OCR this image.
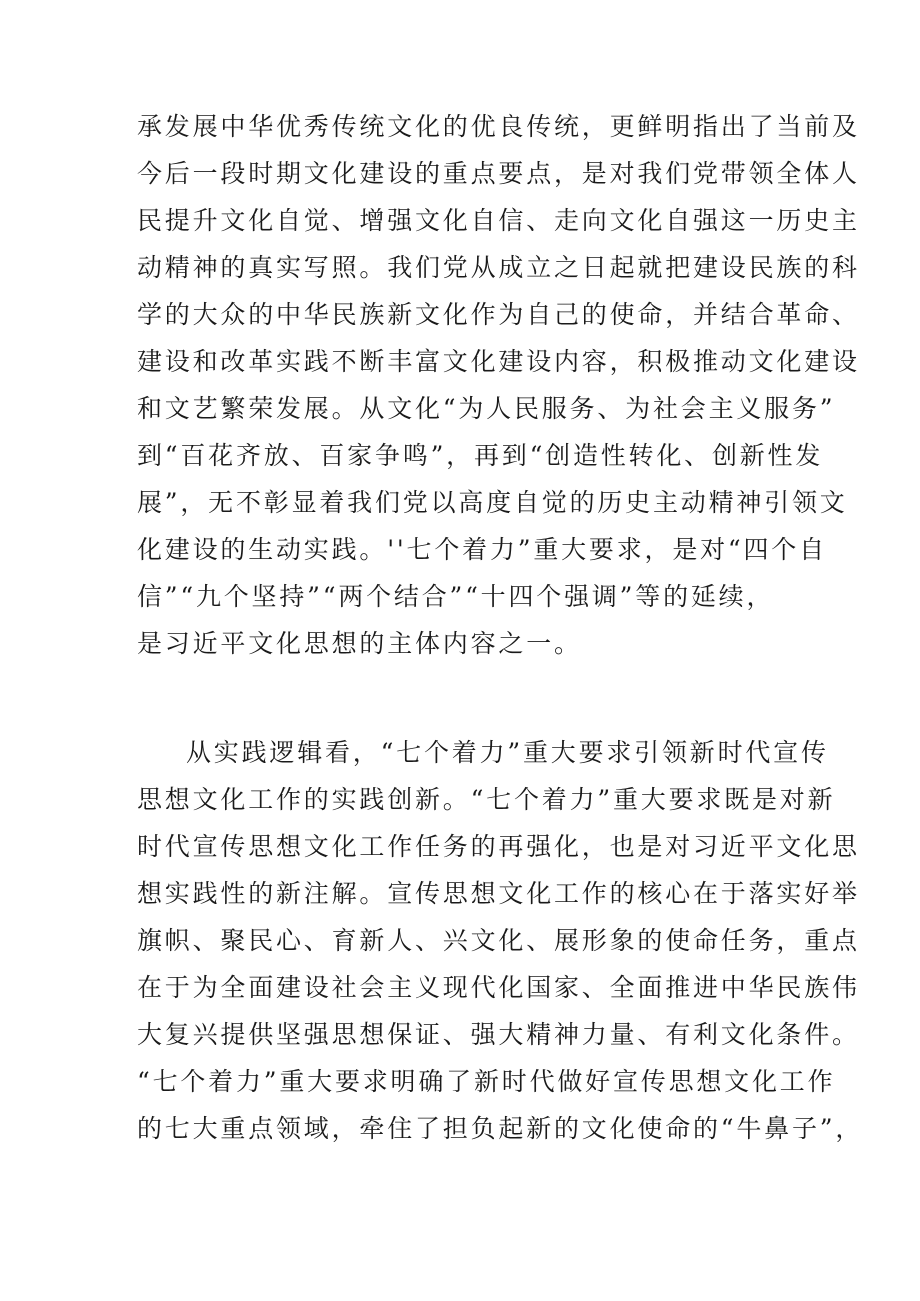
承发展中华优秀传统文化的优良传统，更鲜明指出了当前及
今后一段时期文化建设的重点要点，是对我们党带领全体人
民提升文化自觉、增强文化自信、走向文化自强这一历史主
动精神的真实写照。我们党从成立之日起就把建设民族的科
学的大众的中华民族新文化作为自己的使命，并结合革命、
建设和改革实践不断丰富文化建设内容，积极推动文化建设
和文艺繁荣发展。从文化“为人民服务、为社会主义服务”
到“百花齐放、百家争鸣”，再到“创造性转化、创新性发
展”，无不彰显着我们党以高度自觉的历史主动精神引领文
化建设的生动实践。''七个着力”重大要求，是对“四个自
信”“九个坚持”“两个结合”“十四个强调”等的延续，
是习近平文化思想的主体内容之一。
从实践逻辑看，“七个着力”重大要求引领新时代宣传
思想文化工作的实践创新。“七个着力”重大要求既是对新
时代宣传思想文化工作任务的再强化，也是对习近平文化思
想实践性的新注解。宣传思想文化工作的核心在于落实好举
旗帜、聚民心、育新人、兴文化、展形象的使命任务，重点
在于为全面建设社会主义现代化国家、全面推进中华民族伟
大复兴提供坚强思想保证、强大精神力量、有利文化条件。
“七个着力”重大要求明确了新时代做好宣传思想文化工作
的七大重点领域，牵住了担负起新的文化使命的“牛鼻子”，
